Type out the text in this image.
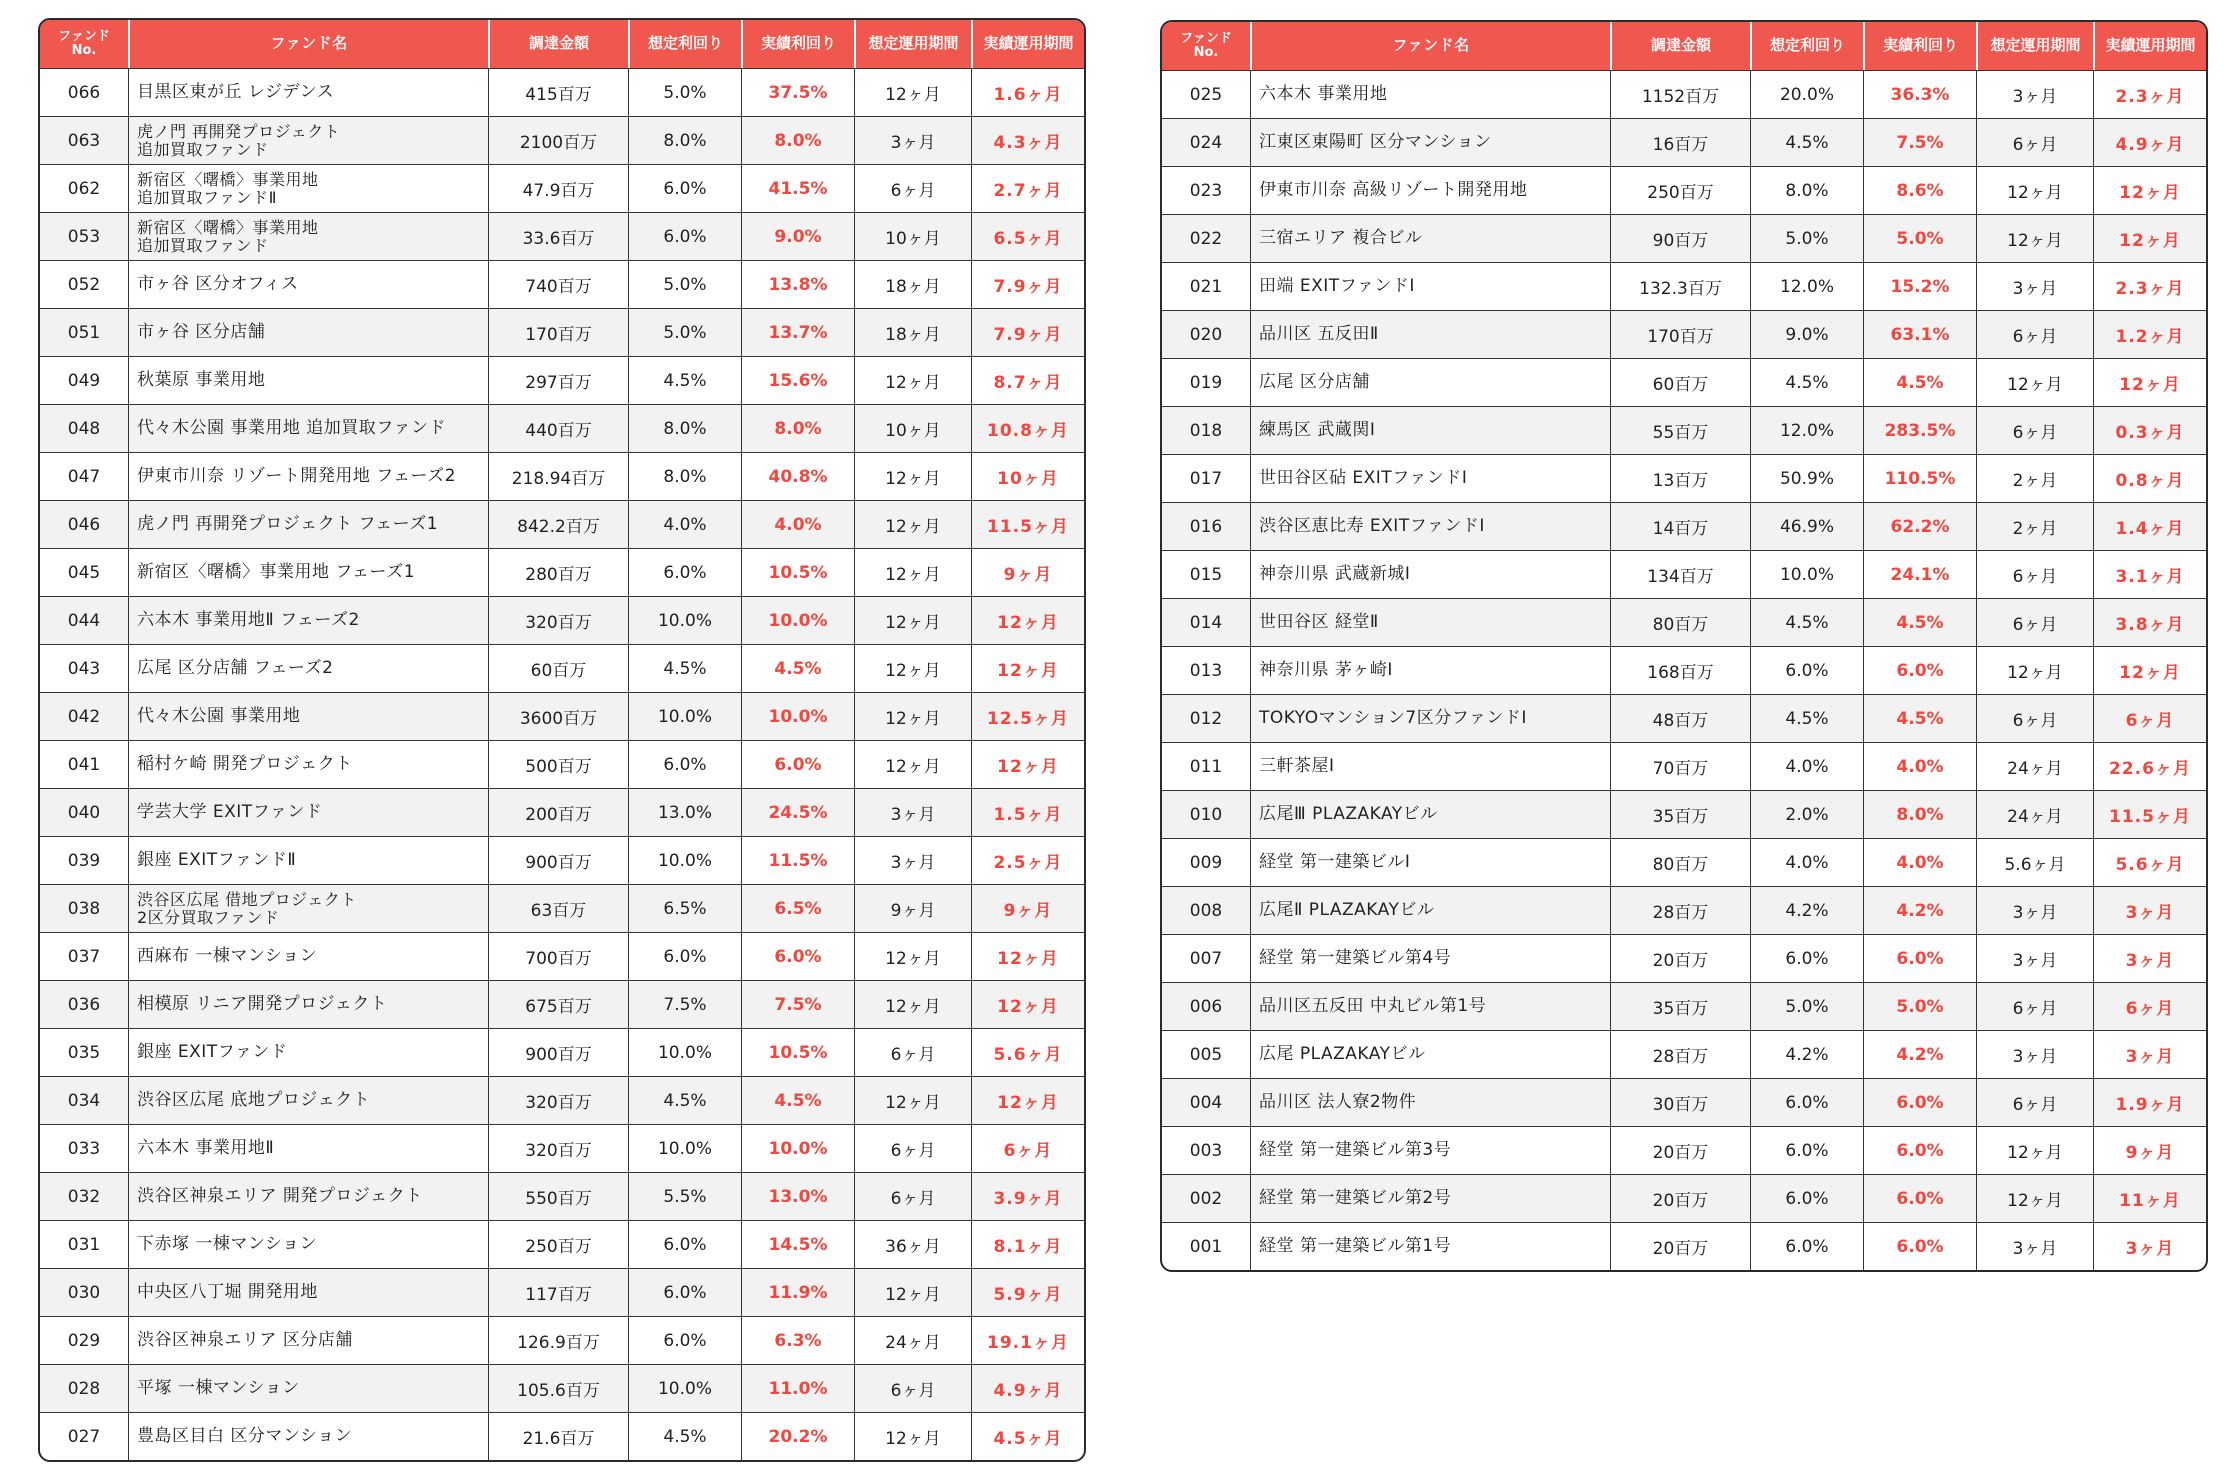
ファンド
No.	ファンド名	調達金額	想定利回り	実績利回り	想定運用期間	実績運用期間
066	目黒区東が丘 レジデンス	415百万	5.0%	37.5%	12ヶ月	1.6ヶ月
063	虎ノ門 再開発プロジェクト
追加買取ファンド	2100百万	8.0%	8.0%	3ヶ月	4.3ヶ月
062	新宿区〈曙橋〉事業用地
追加買取ファンドⅡ	47.9百万	6.0%	41.5%	6ヶ月	2.7ヶ月
053	新宿区〈曙橋〉事業用地
追加買取ファンド	33.6百万	6.0%	9.0%	10ヶ月	6.5ヶ月
052	市ヶ谷 区分オフィス	740百万	5.0%	13.8%	18ヶ月	7.9ヶ月
051	市ヶ谷 区分店舗	170百万	5.0%	13.7%	18ヶ月	7.9ヶ月
049	秋葉原 事業用地	297百万	4.5%	15.6%	12ヶ月	8.7ヶ月
048	代々木公園 事業用地 追加買取ファンド	440百万	8.0%	8.0%	10ヶ月	10.8ヶ月
047	伊東市川奈 リゾート開発用地 フェーズ2	218.94百万	8.0%	40.8%	12ヶ月	10ヶ月
046	虎ノ門 再開発プロジェクト フェーズ1	842.2百万	4.0%	4.0%	12ヶ月	11.5ヶ月
045	新宿区〈曙橋〉事業用地 フェーズ1	280百万	6.0%	10.5%	12ヶ月	9ヶ月
044	六本木 事業用地Ⅱ フェーズ2	320百万	10.0%	10.0%	12ヶ月	12ヶ月
043	広尾 区分店舗 フェーズ2	60百万	4.5%	4.5%	12ヶ月	12ヶ月
042	代々木公園 事業用地	3600百万	10.0%	10.0%	12ヶ月	12.5ヶ月
041	稲村ケ崎 開発プロジェクト	500百万	6.0%	6.0%	12ヶ月	12ヶ月
040	学芸大学 EXITファンド	200百万	13.0%	24.5%	3ヶ月	1.5ヶ月
039	銀座 EXITファンドⅡ	900百万	10.0%	11.5%	3ヶ月	2.5ヶ月
038	渋谷区広尾 借地プロジェクト
2区分買取ファンド	63百万	6.5%	6.5%	9ヶ月	9ヶ月
037	西麻布 一棟マンション	700百万	6.0%	6.0%	12ヶ月	12ヶ月
036	相模原 リニア開発プロジェクト	675百万	7.5%	7.5%	12ヶ月	12ヶ月
035	銀座 EXITファンド	900百万	10.0%	10.5%	6ヶ月	5.6ヶ月
034	渋谷区広尾 底地プロジェクト	320百万	4.5%	4.5%	12ヶ月	12ヶ月
033	六本木 事業用地Ⅱ	320百万	10.0%	10.0%	6ヶ月	6ヶ月
032	渋谷区神泉エリア 開発プロジェクト	550百万	5.5%	13.0%	6ヶ月	3.9ヶ月
031	下赤塚 一棟マンション	250百万	6.0%	14.5%	36ヶ月	8.1ヶ月
030	中央区八丁堀 開発用地	117百万	6.0%	11.9%	12ヶ月	5.9ヶ月
029	渋谷区神泉エリア 区分店舗	126.9百万	6.0%	6.3%	24ヶ月	19.1ヶ月
028	平塚 一棟マンション	105.6百万	10.0%	11.0%	6ヶ月	4.9ヶ月
027	豊島区目白 区分マンション	21.6百万	4.5%	20.2%	12ヶ月	4.5ヶ月
ファンド
No.	ファンド名	調達金額	想定利回り	実績利回り	想定運用期間	実績運用期間
025	六本木 事業用地	1152百万	20.0%	36.3%	3ヶ月	2.3ヶ月
024	江東区東陽町 区分マンション	16百万	4.5%	7.5%	6ヶ月	4.9ヶ月
023	伊東市川奈 高級リゾート開発用地	250百万	8.0%	8.6%	12ヶ月	12ヶ月
022	三宿エリア 複合ビル	90百万	5.0%	5.0%	12ヶ月	12ヶ月
021	田端 EXITファンドⅠ	132.3百万	12.0%	15.2%	3ヶ月	2.3ヶ月
020	品川区 五反田Ⅱ	170百万	9.0%	63.1%	6ヶ月	1.2ヶ月
019	広尾 区分店舗	60百万	4.5%	4.5%	12ヶ月	12ヶ月
018	練馬区 武蔵関Ⅰ	55百万	12.0%	283.5%	6ヶ月	0.3ヶ月
017	世田谷区砧 EXITファンドⅠ	13百万	50.9%	110.5%	2ヶ月	0.8ヶ月
016	渋谷区恵比寿 EXITファンドⅠ	14百万	46.9%	62.2%	2ヶ月	1.4ヶ月
015	神奈川県 武蔵新城Ⅰ	134百万	10.0%	24.1%	6ヶ月	3.1ヶ月
014	世田谷区 経堂Ⅱ	80百万	4.5%	4.5%	6ヶ月	3.8ヶ月
013	神奈川県 茅ヶ崎Ⅰ	168百万	6.0%	6.0%	12ヶ月	12ヶ月
012	TOKYOマンション7区分ファンドⅠ	48百万	4.5%	4.5%	6ヶ月	6ヶ月
011	三軒茶屋Ⅰ	70百万	4.0%	4.0%	24ヶ月	22.6ヶ月
010	広尾Ⅲ PLAZAKAYビル	35百万	2.0%	8.0%	24ヶ月	11.5ヶ月
009	経堂 第一建築ビルⅠ	80百万	4.0%	4.0%	5.6ヶ月	5.6ヶ月
008	広尾Ⅱ PLAZAKAYビル	28百万	4.2%	4.2%	3ヶ月	3ヶ月
007	経堂 第一建築ビル第4号	20百万	6.0%	6.0%	3ヶ月	3ヶ月
006	品川区五反田 中丸ビル第1号	35百万	5.0%	5.0%	6ヶ月	6ヶ月
005	広尾 PLAZAKAYビル	28百万	4.2%	4.2%	3ヶ月	3ヶ月
004	品川区 法人寮2物件	30百万	6.0%	6.0%	6ヶ月	1.9ヶ月
003	経堂 第一建築ビル第3号	20百万	6.0%	6.0%	12ヶ月	9ヶ月
002	経堂 第一建築ビル第2号	20百万	6.0%	6.0%	12ヶ月	11ヶ月
001	経堂 第一建築ビル第1号	20百万	6.0%	6.0%	3ヶ月	3ヶ月
